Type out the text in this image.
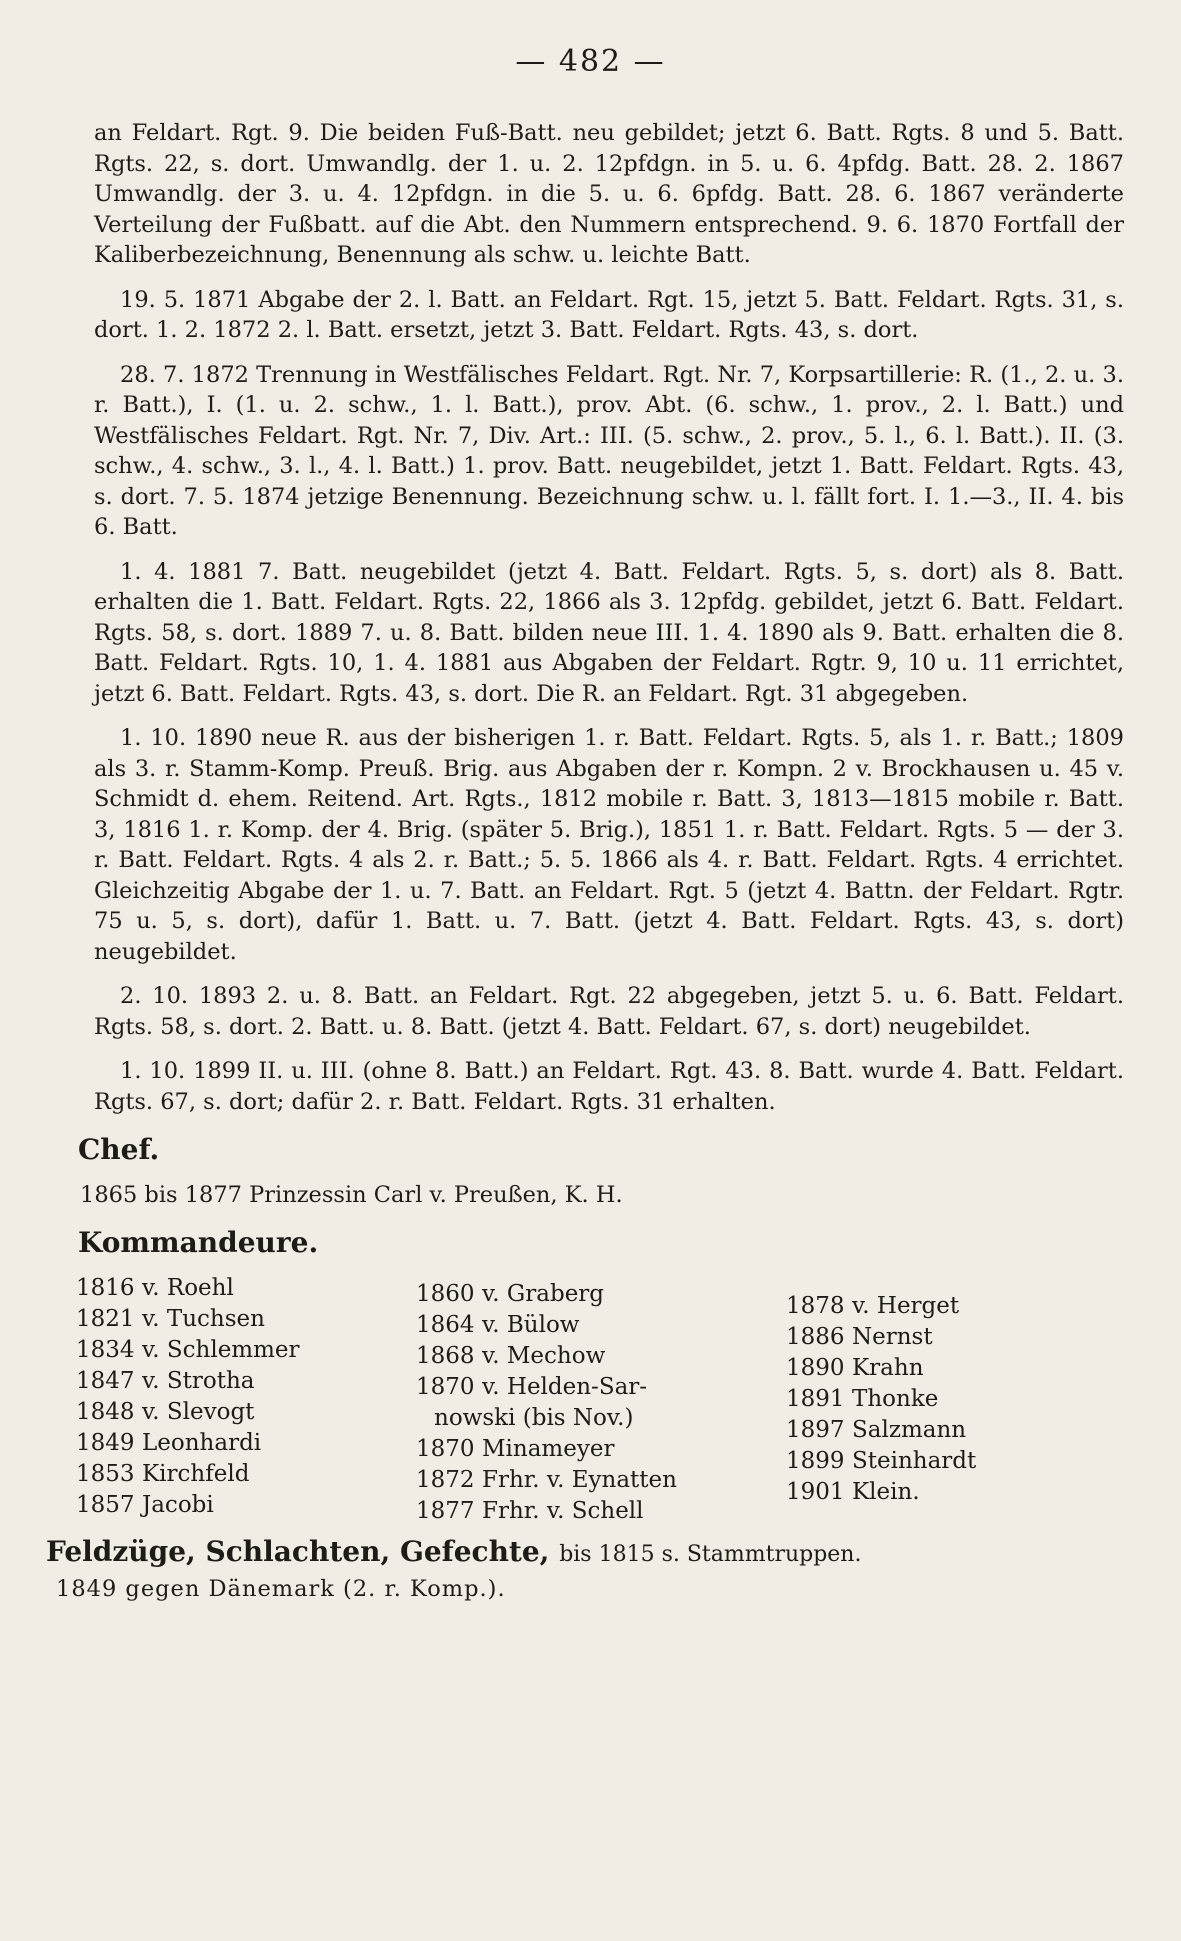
— 482 —

an Feldart. Rgt. 9. Die beiden Fuß-Batt. neu gebildet; jetzt 6. Batt. Rgts. 8 und 5. Batt. Rgts. 22, s. dort. Umwandlg. der 1. u. 2. 12pfdgn. in 5. u. 6. 4pfdg. Batt. 28. 2. 1867 Umwandlg. der 3. u. 4. 12pfdgn. in die 5. u. 6. 6pfdg. Batt. 28. 6. 1867 veränderte Verteilung der Fußbatt. auf die Abt. den Nummern entsprechend. 9. 6. 1870 Fortfall der Kaliberbezeichnung, Benennung als schw. u. leichte Batt.

19. 5. 1871 Abgabe der 2. l. Batt. an Feldart. Rgt. 15, jetzt 5. Batt. Feldart. Rgts. 31, s. dort. 1. 2. 1872 2. l. Batt. ersetzt, jetzt 3. Batt. Feldart. Rgts. 43, s. dort.

28. 7. 1872 Trennung in Westfälisches Feldart. Rgt. Nr. 7, Korpsartillerie: R. (1., 2. u. 3. r. Batt.), I. (1. u. 2. schw., 1. l. Batt.), prov. Abt. (6. schw., 1. prov., 2. l. Batt.) und Westfälisches Feldart. Rgt. Nr. 7, Div. Art.: III. (5. schw., 2. prov., 5. l., 6. l. Batt.). II. (3. schw., 4. schw., 3. l., 4. l. Batt.) 1. prov. Batt. neugebildet, jetzt 1. Batt. Feldart. Rgts. 43, s. dort. 7. 5. 1874 jetzige Benennung. Bezeichnung schw. u. l. fällt fort. I. 1.—3., II. 4. bis 6. Batt.

1. 4. 1881 7. Batt. neugebildet (jetzt 4. Batt. Feldart. Rgts. 5, s. dort) als 8. Batt. erhalten die 1. Batt. Feldart. Rgts. 22, 1866 als 3. 12pfdg. gebildet, jetzt 6. Batt. Feldart. Rgts. 58, s. dort. 1889 7. u. 8. Batt. bilden neue III. 1. 4. 1890 als 9. Batt. erhalten die 8. Batt. Feldart. Rgts. 10, 1. 4. 1881 aus Abgaben der Feldart. Rgtr. 9, 10 u. 11 errichtet, jetzt 6. Batt. Feldart. Rgts. 43, s. dort. Die R. an Feldart. Rgt. 31 abgegeben.

1. 10. 1890 neue R. aus der bisherigen 1. r. Batt. Feldart. Rgts. 5, als 1. r. Batt.; 1809 als 3. r. Stamm-Komp. Preuß. Brig. aus Abgaben der r. Kompn. 2 v. Brockhausen u. 45 v. Schmidt d. ehem. Reitend. Art. Rgts., 1812 mobile r. Batt. 3, 1813—1815 mobile r. Batt. 3, 1816 1. r. Komp. der 4. Brig. (später 5. Brig.), 1851 1. r. Batt. Feldart. Rgts. 5 — der 3. r. Batt. Feldart. Rgts. 4 als 2. r. Batt.; 5. 5. 1866 als 4. r. Batt. Feldart. Rgts. 4 errichtet. Gleichzeitig Abgabe der 1. u. 7. Batt. an Feldart. Rgt. 5 (jetzt 4. Battn. der Feldart. Rgtr. 75 u. 5, s. dort), dafür 1. Batt. u. 7. Batt. (jetzt 4. Batt. Feldart. Rgts. 43, s. dort) neugebildet.

2. 10. 1893 2. u. 8. Batt. an Feldart. Rgt. 22 abgegeben, jetzt 5. u. 6. Batt. Feldart. Rgts. 58, s. dort. 2. Batt. u. 8. Batt. (jetzt 4. Batt. Feldart. 67, s. dort) neugebildet.

1. 10. 1899 II. u. III. (ohne 8. Batt.) an Feldart. Rgt. 43. 8. Batt. wurde 4. Batt. Feldart. Rgts. 67, s. dort; dafür 2. r. Batt. Feldart. Rgts. 31 erhalten.

Chef.
1865 bis 1877 Prinzessin Carl v. Preußen, K. H.
Kommandeure.
1816 v. Roehl
1821 v. Tuchsen
1834 v. Schlemmer
1847 v. Strotha
1848 v. Slevogt
1849 Leonhardi
1853 Kirchfeld
1857 Jacobi
1860 v. Graberg
1864 v. Bülow
1868 v. Mechow
1870 v. Helden-Sar-
nowski (bis Nov.)
1870 Minameyer
1872 Frhr. v. Eynatten
1877 Frhr. v. Schell
1878 v. Herget
1886 Nernst
1890 Krahn
1891 Thonke
1897 Salzmann
1899 Steinhardt
1901 Klein.
Feldzüge, Schlachten, Gefechte, bis 1815 s. Stammtruppen.
1849 gegen Dänemark (2. r. Komp.).
